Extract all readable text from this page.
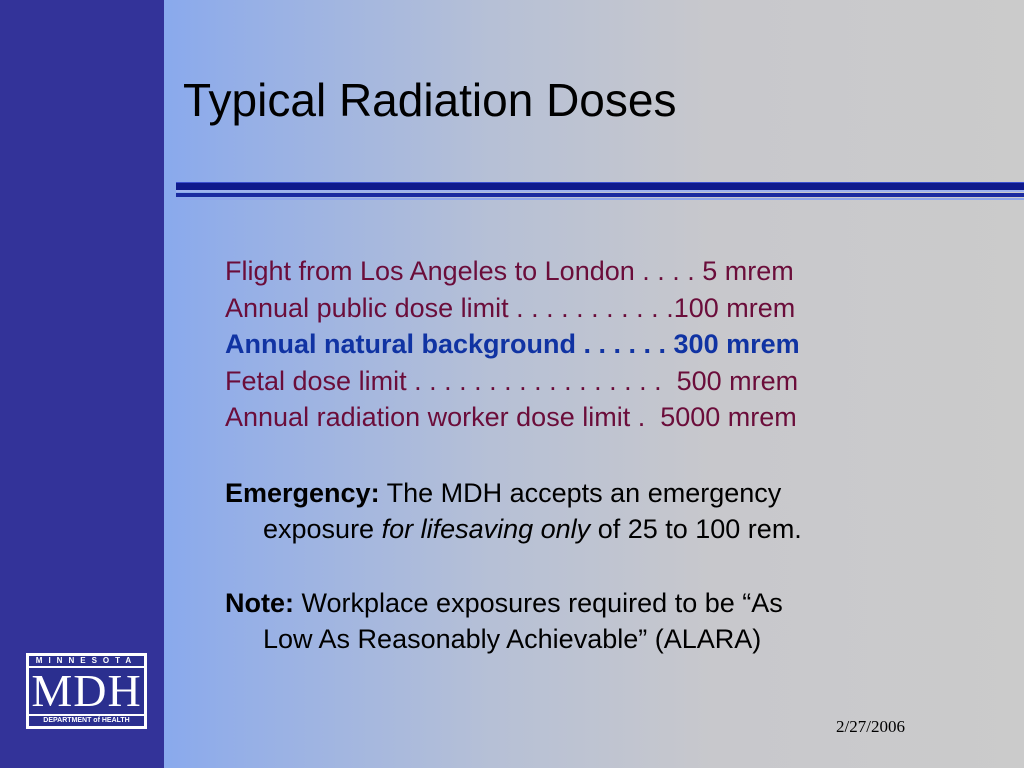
Typical Radiation Doses
Flight from Los Angeles to London . . . . 5 mrem
Annual public dose limit . . . . . . . . . . .100 mrem
Annual natural background . . . . . . 300 mrem
Fetal dose limit . . . . . . . . . . . . . . . . .  500 mrem
Annual radiation worker dose limit .  5000 mrem
Emergency: The MDH accepts an emergency
exposure for lifesaving only of 25 to 100 rem.
Note: Workplace exposures required to be “As
Low As Reasonably Achievable” (ALARA)
MINNESOTA
MDH
DEPARTMENT of HEALTH	2/27/2006
